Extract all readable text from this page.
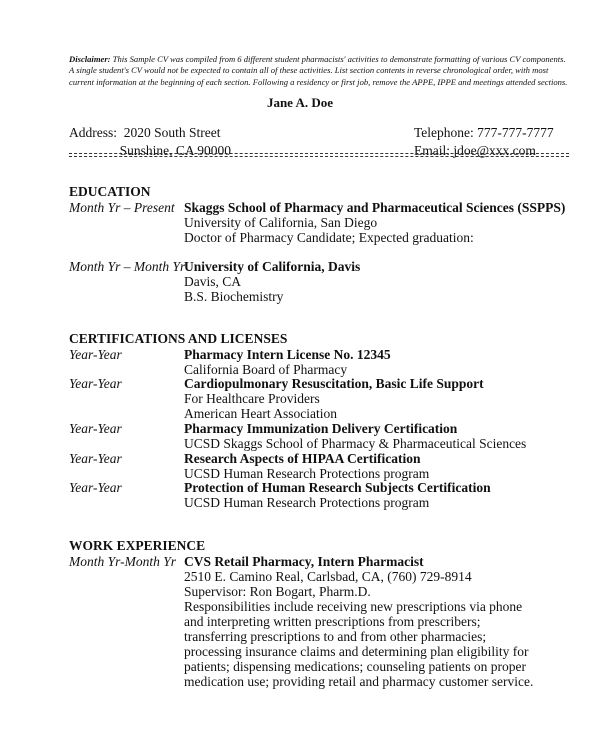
Disclaimer: This Sample CV was compiled from 6 different student pharmacists' activities to demonstrate formatting of various CV components. A single student's CV would not be expected to contain all of these activities. List section contents in reverse chronological order, with most current information at the beginning of each section. Following a residency or first job, remove the APPE, IPPE and meetings attended sections.
Jane A. Doe
Address:  2020 South Street
Sunshine, CA 90000
Telephone: 777-777-7777
Email: jdoe@xxx.com
EDUCATION
Month Yr – Present Skaggs School of Pharmacy and Pharmaceutical Sciences (SSPPS)
University of California, San Diego
Doctor of Pharmacy Candidate; Expected graduation:
Month Yr – Month Yr
University of California, Davis
Davis, CA
B.S. Biochemistry
CERTIFICATIONS AND LICENSES
Year-Year	Pharmacy Intern License No. 12345
California Board of Pharmacy
Year-Year	Cardiopulmonary Resuscitation, Basic Life Support
For Healthcare Providers
American Heart Association
Year-Year	Pharmacy Immunization Delivery Certification
UCSD Skaggs School of Pharmacy & Pharmaceutical Sciences
Year-Year	Research Aspects of HIPAA Certification
UCSD Human Research Protections program
Year-Year	Protection of Human Research Subjects Certification
UCSD Human Research Protections program
WORK EXPERIENCE
Month Yr-Month Yr CVS Retail Pharmacy, Intern Pharmacist
2510 E. Camino Real, Carlsbad, CA, (760) 729-8914
Supervisor: Ron Bogart, Pharm.D.
Responsibilities include receiving new prescriptions via phone and interpreting written prescriptions from prescribers; transferring prescriptions to and from other pharmacies; processing insurance claims and determining plan eligibility for patients; dispensing medications; counseling patients on proper medication use; providing retail and pharmacy customer service.
